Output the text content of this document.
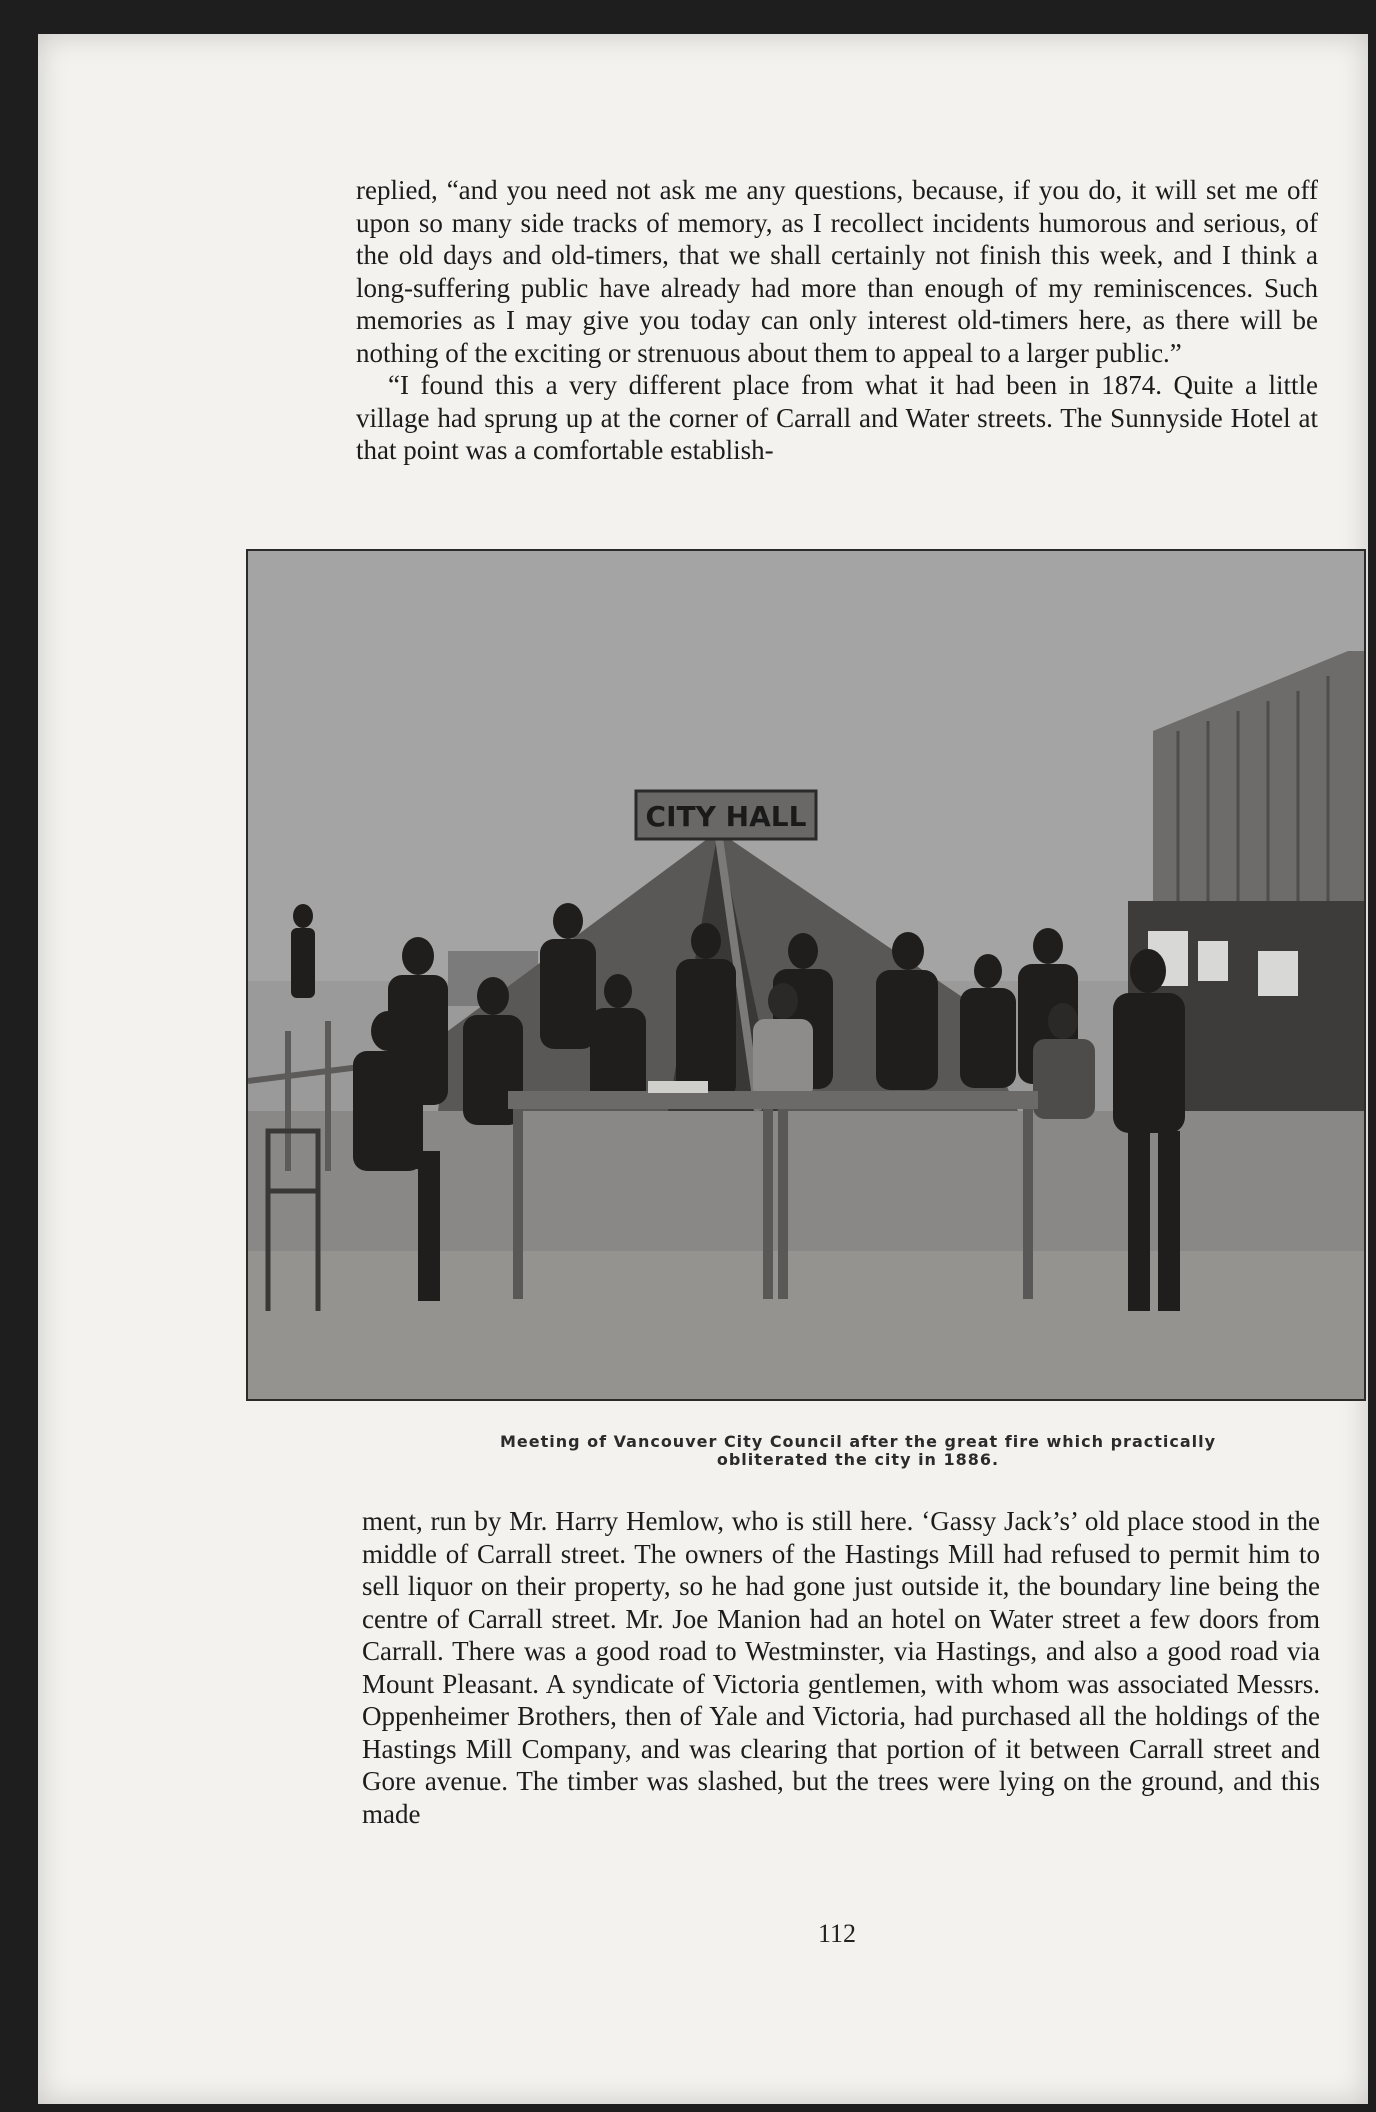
replied, “and you need not ask me any questions, because, if you do, it will set me off upon so many side tracks of memory, as I recollect incidents humorous and serious, of the old days and old-timers, that we shall certainly not finish this week, and I think a long-suffering public have already had more than enough of my reminiscences. Such memories as I may give you today can only interest old-timers here, as there will be nothing of the exciting or strenuous about them to appeal to a larger public.”

“I found this a very different place from what it had been in 1874. Quite a little village had sprung up at the corner of Carrall and Water streets. The Sunnyside Hotel at that point was a comfortable establish-

CITY HALL
Meeting of Vancouver City Council after the great fire which practically
obliterated the city in 1886.

ment, run by Mr. Harry Hemlow, who is still here. ‘Gassy Jack’s’ old place stood in the middle of Carrall street. The owners of the Hastings Mill had refused to permit him to sell liquor on their property, so he had gone just outside it, the boundary line being the centre of Carrall street. Mr. Joe Manion had an hotel on Water street a few doors from Carrall. There was a good road to Westminster, via Hastings, and also a good road via Mount Pleasant. A syndicate of Victoria gentlemen, with whom was associated Messrs. Oppenheimer Brothers, then of Yale and Victoria, had purchased all the holdings of the Hastings Mill Company, and was clearing that portion of it between Carrall street and Gore avenue. The timber was slashed, but the trees were lying on the ground, and this made

112
